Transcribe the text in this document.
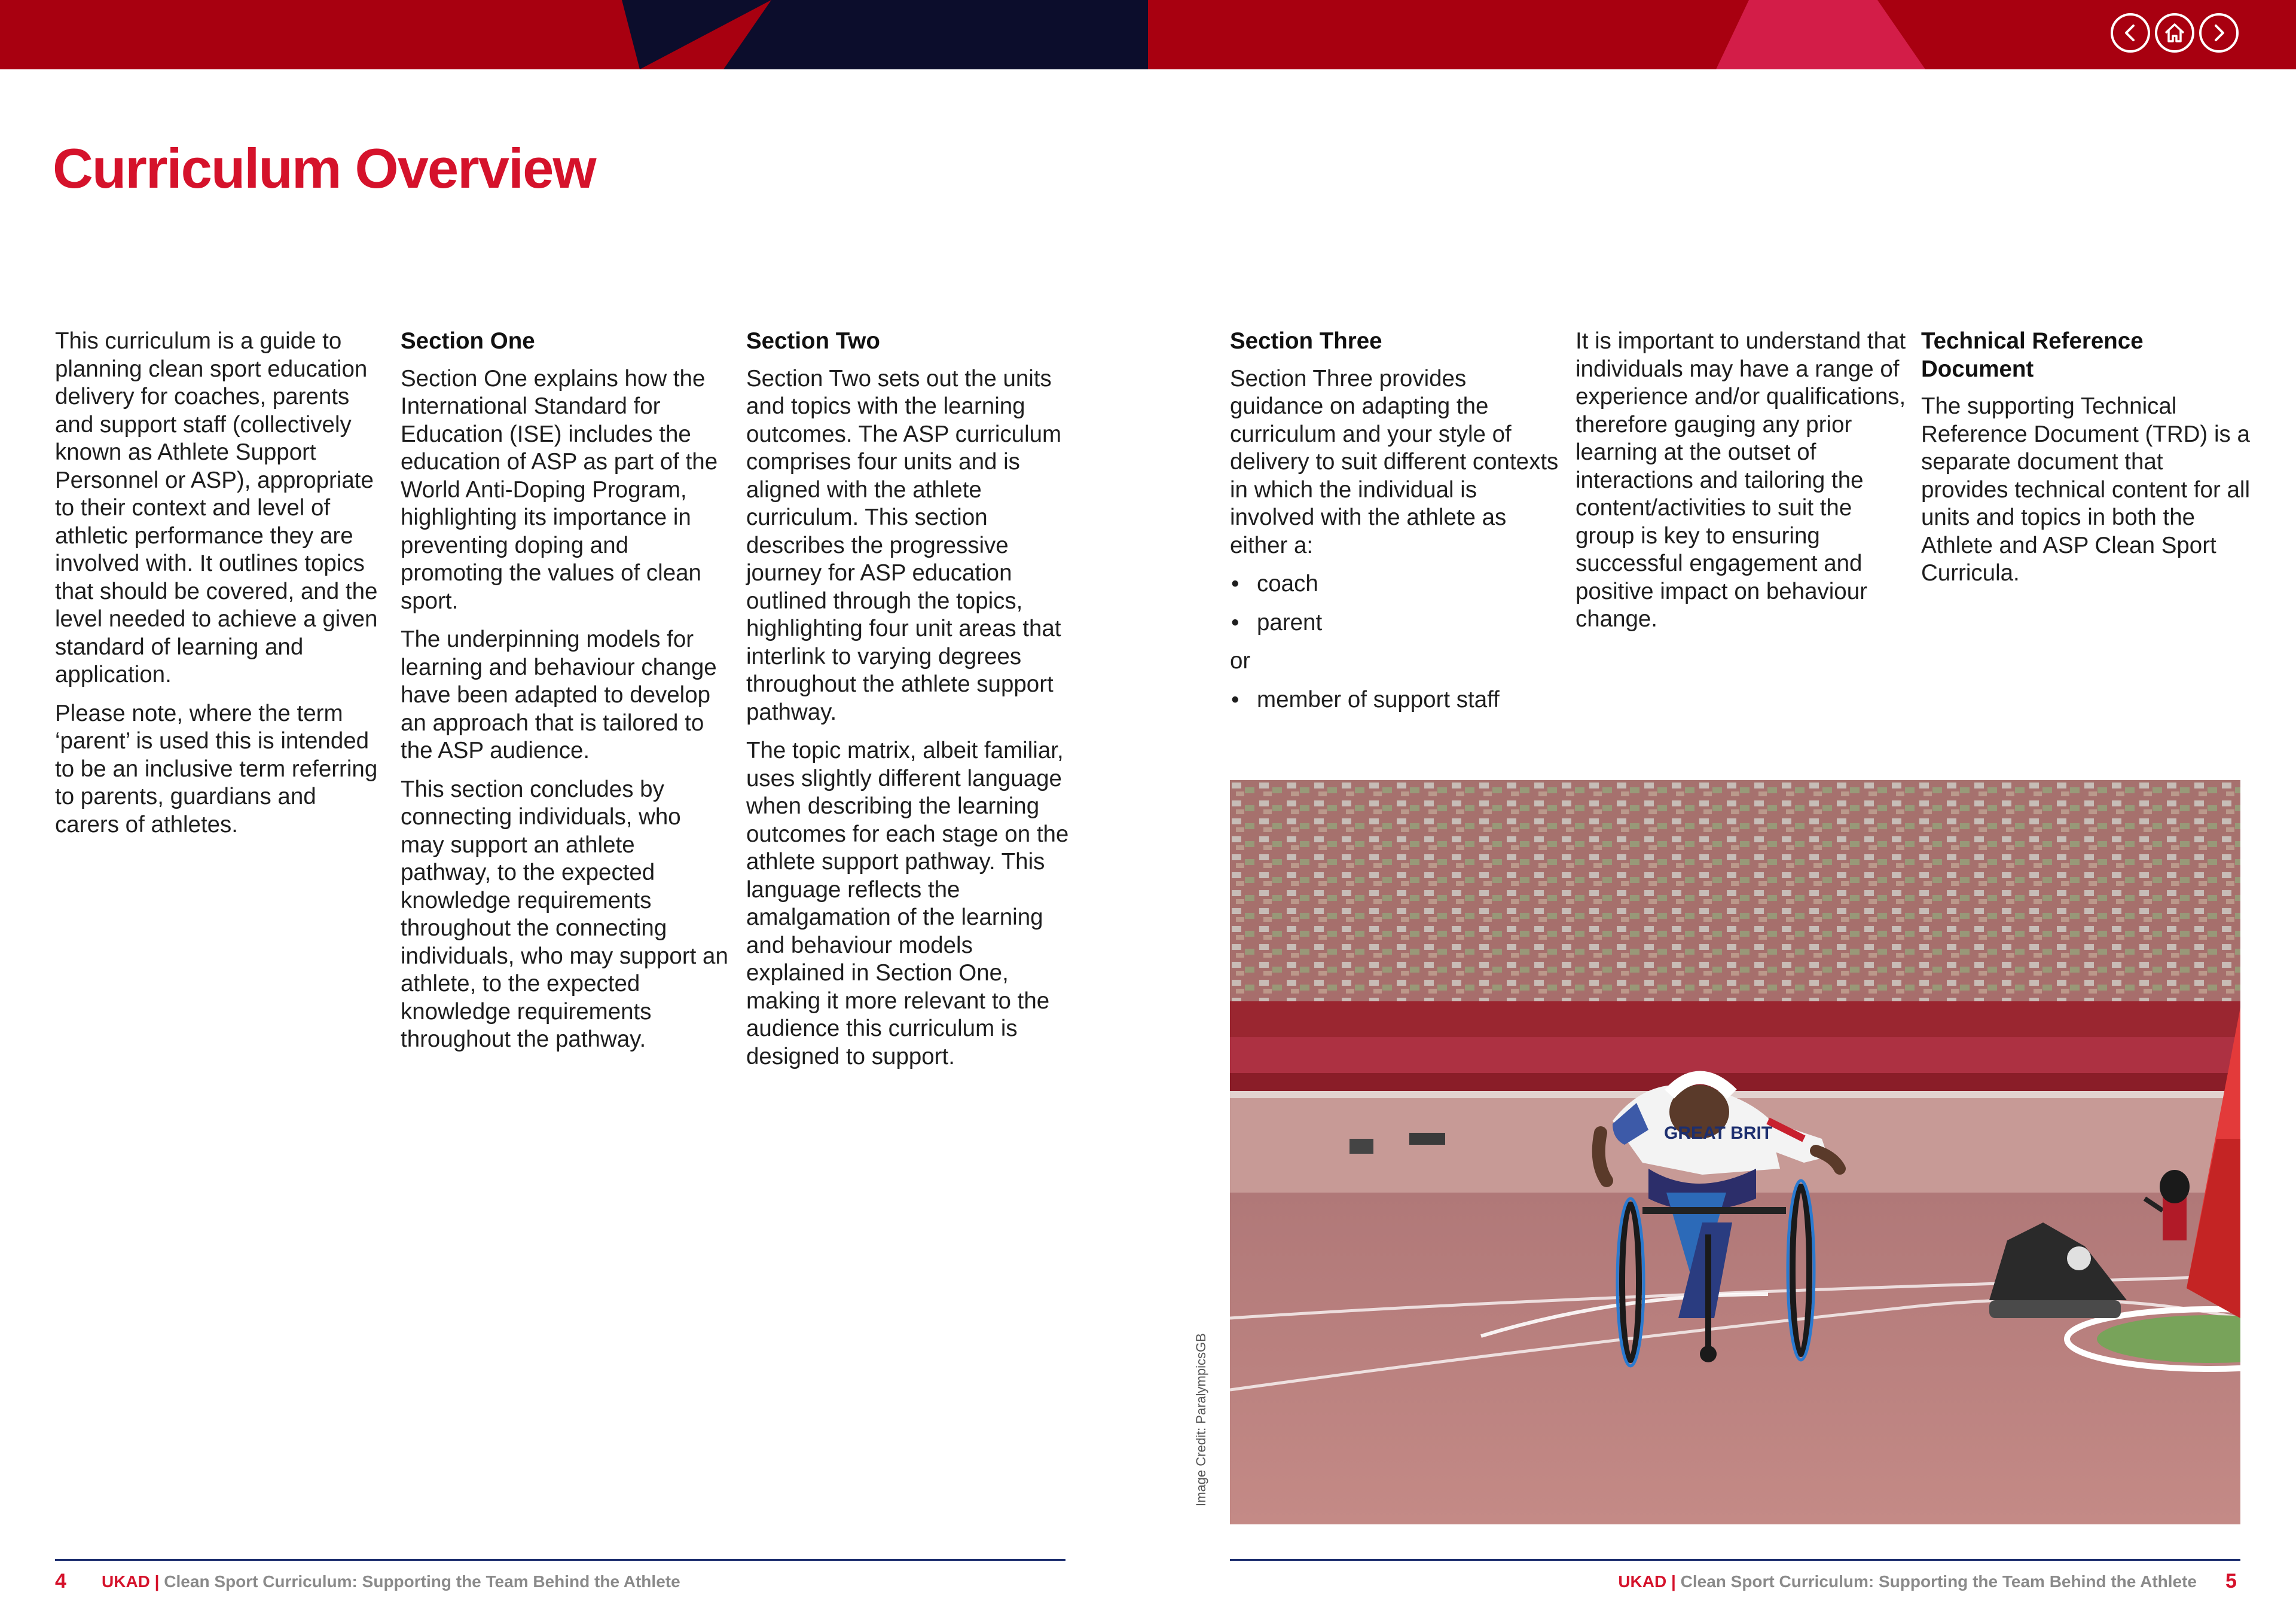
Curriculum Overview

This curriculum is a guide to planning clean sport education delivery for coaches, parents and support staff (collectively known as Athlete Support Personnel or ASP), appropriate to their context and level of athletic performance they are involved with. It outlines topics that should be covered, and the level needed to achieve a given standard of learning and application.

Please note, where the term ‘parent’ is used this is intended to be an inclusive term referring to parents, guardians and carers of athletes.

Section One

Section One explains how the International Standard for Education (ISE) includes the education of ASP as part of the World Anti-Doping Program, highlighting its importance in preventing doping and promoting the values of clean sport.

The underpinning models for learning and behaviour change have been adapted to develop an approach that is tailored to the ASP audience.

This section concludes by connecting individuals, who may support an athlete pathway, to the expected knowledge requirements throughout the connecting individuals, who may support an athlete, to the expected knowledge requirements throughout the pathway.

Section Two

Section Two sets out the units and topics with the learning outcomes. The ASP curriculum comprises four units and is aligned with the athlete curriculum. This section describes the progressive journey for ASP education outlined through the topics, highlighting four unit areas that interlink to varying degrees throughout the athlete support pathway.

The topic matrix, albeit familiar, uses slightly different language when describing the learning outcomes for each stage on the athlete support pathway. This language reflects the amalgamation of the learning and behaviour models explained in Section One, making it more relevant to the audience this curriculum is designed to support.

Section Three

Section Three provides guidance on adapting the curriculum and your style of delivery to suit different contexts in which the individual is involved with the athlete as either a:

• coach
• parent

or

• member of support staff

It is important to understand that individuals may have a range of experience and/or qualifications, therefore gauging any prior learning at the outset of interactions and tailoring the content/activities to suit the group is key to ensuring successful engagement and positive impact on behaviour change.

Technical Reference Document

The supporting Technical Reference Document (TRD) is a separate document that provides technical content for all units and topics in both the Athlete and ASP Clean Sport Curricula.

GREAT BRIT
Image Credit: ParalympicsGB
4 UKAD | Clean Sport Curriculum: Supporting the Team Behind the Athlete	UKAD | Clean Sport Curriculum: Supporting the Team Behind the Athlete 5
